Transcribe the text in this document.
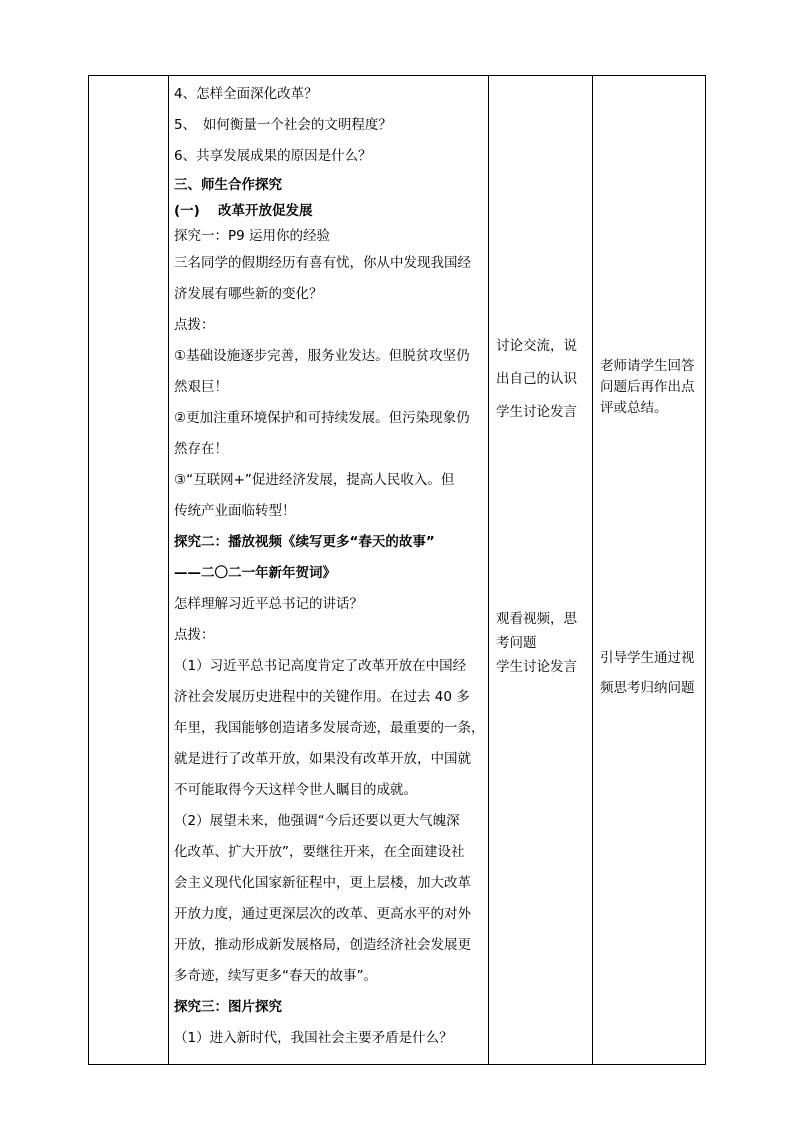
4、怎样全面深化改革？
5、　如何衡量一个社会的文明程度？
6、共享发展成果的原因是什么？
三、师生合作探究
(一) 改革开放促发展
探究一：P9 运用你的经验
三名同学的假期经历有喜有忧，你从中发现我国经
济发展有哪些新的变化？
点拨：
①基础设施逐步完善，服务业发达。但脱贫攻坚仍
然艰巨！
②更加注重环境保护和可持续发展。但污染现象仍
然存在！
③“互联网+”促进经济发展，提高人民收入。但
传统产业面临转型！
探究二：播放视频《续写更多“春天的故事”
——二〇二一年新年贺词》
怎样理解习近平总书记的讲话？
点拨：
（1）习近平总书记高度肯定了改革开放在中国经
济社会发展历史进程中的关键作用。在过去 40 多
年里，我国能够创造诸多发展奇迹，最重要的一条，
就是进行了改革开放，如果没有改革开放，中国就
不可能取得今天这样令世人瞩目的成就。
（2）展望未来，他强调“今后还要以更大气魄深
化改革、扩大开放”，要继往开来，在全面建设社
会主义现代化国家新征程中，更上层楼，加大改革
开放力度，通过更深层次的改革、更高水平的对外
开放，推动形成新发展格局，创造经济社会发展更
多奇迹，续写更多“春天的故事”。
探究三：图片探究
（1）进入新时代，我国社会主要矛盾是什么？
讨论交流，说
出自己的认识
学生讨论发言
观看视频，思
考问题
学生讨论发言
老师请学生回答
问题后再作出点
评或总结。
引导学生通过视
频思考归纳问题
